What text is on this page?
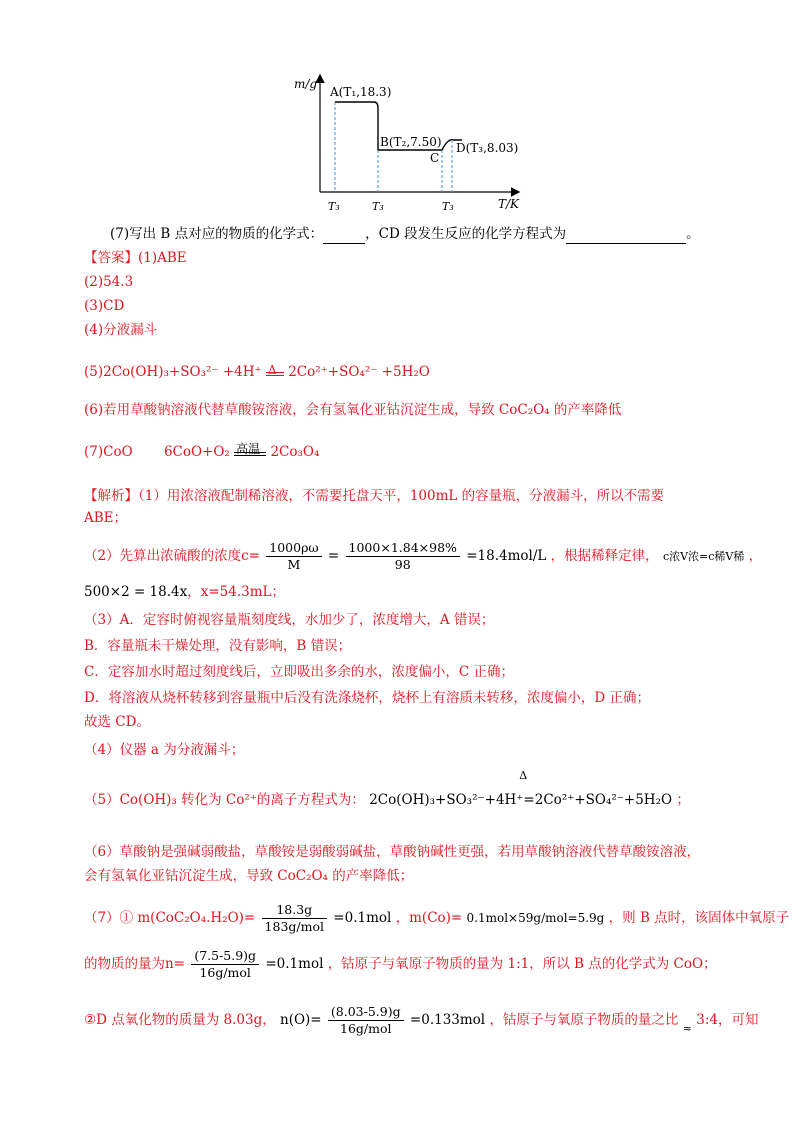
m/g
A(T₁,18.3)
B(T₂,7.50)
C
D(T₃,8.03)
T/K
T₃	T₃	T₃
(7)写出 B 点对应的物质的化学式：	，CD 段发生反应的化学方程式为	。
【答案】(1)ABE
(2)54.3
(3)CD
(4)分液漏斗
(5)2Co(OH)₃+SO₃²⁻ +4H⁺ Δ 2Co²⁺+SO₄²⁻ +5H₂O
(6)若用草酸钠溶液代替草酸铵溶液，会有氢氧化亚钴沉淀生成，导致 CoC₂O₄ 的产率降低
(7)CoO　　 6CoO+O₂ 高温 2Co₃O₄
【解析】（1）用浓溶液配制稀溶液，不需要托盘天平，100mL 的容量瓶，分液漏斗，所以不需要
ABE；
（2）先算出浓硫酸的浓度$c= \frac{1000\rho\omega}{M} = \frac{1000\times 1.84\times 98\%}{98} =18.4mol/L$ ，根据稀释定律， c浓V浓=c稀V稀 ，
500×2 = 18.4x，x=54.3mL；
（3）A．定容时俯视容量瓶刻度线，水加少了，浓度增大，A 错误；
B．容量瓶未干燥处理，没有影响，B 错误；
C．定容加水时超过刻度线后，立即吸出多余的水，浓度偏小，C 正确；
D．将溶液从烧杯转移到容量瓶中后没有洗涤烧杯，烧杯上有溶质未转移，浓度偏小，D 正确；
故选 CD。
（4）仪器 a 为分液漏斗；
（5）Co(OH)₃ 转化为 Co²⁺的离子方程式为：
Δ
2Co(OH)₃+SO₃²⁻+4H⁺=2Co²⁺+SO₄²⁻+5H₂O ；
（6）草酸钠是强碱弱酸盐，草酸铵是弱酸弱碱盐，草酸钠碱性更强，若用草酸钠溶液代替草酸铵溶液，
会有氢氧化亚钴沉淀生成，导致 CoC₂O₄ 的产率降低；
（7）① $m(CoC_2O_4.H_2O)= \frac{18.3g}{\text{183g/mol}} =0.1mol$ ，m(Co)= 0.1mol×59g/mol=5.9g ，则 B 点时，该固体中氧原子
的物质的量为$n= \frac{(7.5-5.9)g}{\text{16g/mol}} =0.1mol$ ，钴原子与氧原子物质的量为 1:1，所以 B 点的化学式为 CoO；
②D 点氧化物的质量为 8.03g， $n(O)= \frac{(8.03-5.9)g}{\text{16g/mol}} =0.133mol$ ，钴原子与氧原子物质的量之比 $_\approx$ 3:4，可知
